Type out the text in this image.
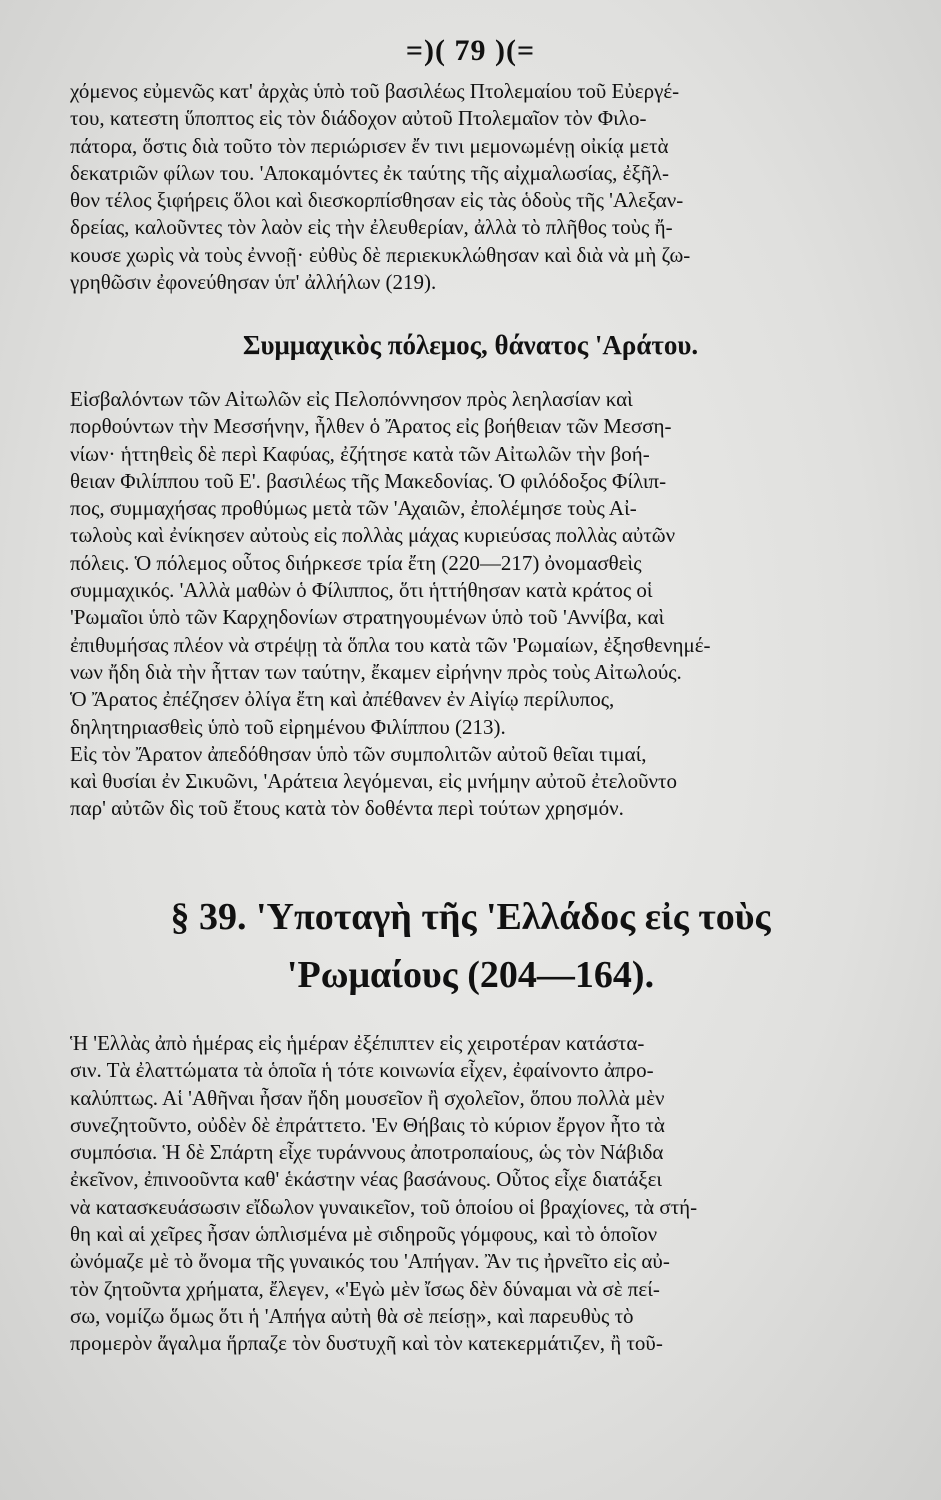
=)( 79 )(=
χόμενος εὐμενῶς κατ' ἀρχὰς ὑπὸ τοῦ βασιλέως Πτολεμαίου τοῦ Εὐεργέ-
του, κατεστη ὕποπτος εἰς τὸν διάδοχον αὐτοῦ Πτολεμαῖον τὸν Φιλο-
πάτορα, ὅστις διὰ τοῦτο τὸν περιώρισεν ἔν τινι μεμονωμένῃ οἰκίᾳ μετὰ
δεκατριῶν φίλων του. 'Αποκαμόντες ἐκ ταύτης τῆς αἰχμαλωσίας, ἐξῆλ-
θον τέλος ξιφήρεις ὅλοι καὶ διεσκορπίσθησαν εἰς τὰς ὁδοὺς τῆς 'Αλεξαν-
δρείας, καλοῦντες τὸν λαὸν εἰς τὴν ἐλευθερίαν, ἀλλὰ τὸ πλῆθος τοὺς ἤ-
κουσε χωρὶς νὰ τοὺς ἐννοῇ· εὐθὺς δὲ περιεκυκλώθησαν καὶ διὰ νὰ μὴ ζω-
γρηθῶσιν ἐφονεύθησαν ὑπ' ἀλλήλων (219).
Συμμαχικὸς πόλεμος, θάνατος 'Αράτου.
Εἰσβαλόντων τῶν Αἰτωλῶν εἰς Πελοπόννησον πρὸς λεηλασίαν καὶ
πορθούντων τὴν Μεσσήνην, ἦλθεν ὁ Ἄρατος εἰς βοήθειαν τῶν Μεσση-
νίων· ἡττηθεὶς δὲ περὶ Καφύας, ἐζήτησε κατὰ τῶν Αἰτωλῶν τὴν βοή-
θειαν Φιλίππου τοῦ Ε'. βασιλέως τῆς Μακεδονίας. Ὁ φιλόδοξος Φίλιπ-
πος, συμμαχήσας προθύμως μετὰ τῶν 'Αχαιῶν, ἐπολέμησε τοὺς Αἰ-
τωλοὺς καὶ ἐνίκησεν αὐτοὺς εἰς πολλὰς μάχας κυριεύσας πολλὰς αὐτῶν
πόλεις. Ὁ πόλεμος οὗτος διήρκεσε τρία ἔτη (220—217) ὀνομασθεὶς
συμμαχικός. 'Αλλὰ μαθὼν ὁ Φίλιππος, ὅτι ἡττήθησαν κατὰ κράτος οἱ
'Ρωμαῖοι ὑπὸ τῶν Καρχηδονίων στρατηγουμένων ὑπὸ τοῦ 'Αννίβα, καὶ
ἐπιθυμήσας πλέον νὰ στρέψῃ τὰ ὅπλα του κατὰ τῶν 'Ρωμαίων, ἐξησθενημέ-
νων ἤδη διὰ τὴν ἧτταν των ταύτην, ἔκαμεν εἰρήνην πρὸς τοὺς Αἰτωλούς.
Ὁ Ἄρατος ἐπέζησεν ὀλίγα ἔτη καὶ ἀπέθανεν ἐν Αἰγίῳ περίλυπος,
δηλητηριασθεὶς ὑπὸ τοῦ εἰρημένου Φιλίππου (213).
Εἰς τὸν Ἄρατον ἀπεδόθησαν ὑπὸ τῶν συμπολιτῶν αὐτοῦ θεῖαι τιμαί,
καὶ θυσίαι ἐν Σικυῶνι, 'Αράτεια λεγόμεναι, εἰς μνήμην αὐτοῦ ἐτελοῦντο
παρ' αὐτῶν δὶς τοῦ ἔτους κατὰ τὸν δοθέντα περὶ τούτων χρησμόν.
§ 39. 'Υποταγὴ τῆς 'Ελλάδος εἰς τοὺς
'Ρωμαίους (204—164).
Ἡ 'Ελλὰς ἀπὸ ἡμέρας εἰς ἡμέραν ἐξέπιπτεν εἰς χειροτέραν κατάστα-
σιν. Τὰ ἐλαττώματα τὰ ὁποῖα ἡ τότε κοινωνία εἶχεν, ἐφαίνοντο ἀπρο-
καλύπτως. Αἱ 'Αθῆναι ἦσαν ἤδη μουσεῖον ἢ σχολεῖον, ὅπου πολλὰ μὲν
συνεζητοῦντο, οὐδὲν δὲ ἐπράττετο. 'Εν Θήβαις τὸ κύριον ἔργον ἦτο τὰ
συμπόσια. Ἡ δὲ Σπάρτη εἶχε τυράννους ἀποτροπαίους, ὡς τὸν Νάβιδα
ἐκεῖνον, ἐπινοοῦντα καθ' ἑκάστην νέας βασάνους. Οὗτος εἶχε διατάξει
νὰ κατασκευάσωσιν εἴδωλον γυναικεῖον, τοῦ ὁποίου οἱ βραχίονες, τὰ στή-
θη καὶ αἱ χεῖρες ἦσαν ὡπλισμένα μὲ σιδηροῦς γόμφους, καὶ τὸ ὁποῖον
ὠνόμαζε μὲ τὸ ὄνομα τῆς γυναικός του 'Απήγαν. Ἂν τις ἠρνεῖτο εἰς αὐ-
τὸν ζητοῦντα χρήματα, ἔλεγεν, «'Εγὼ μὲν ἴσως δὲν δύναμαι νὰ σὲ πεί-
σω, νομίζω ὅμως ὅτι ἡ 'Απήγα αὐτὴ θὰ σὲ πείσῃ», καὶ παρευθὺς τὸ
προμερὸν ἄγαλμα ἥρπαζε τὸν δυστυχῆ καὶ τὸν κατεκερμάτιζεν, ἢ τοῦ-
